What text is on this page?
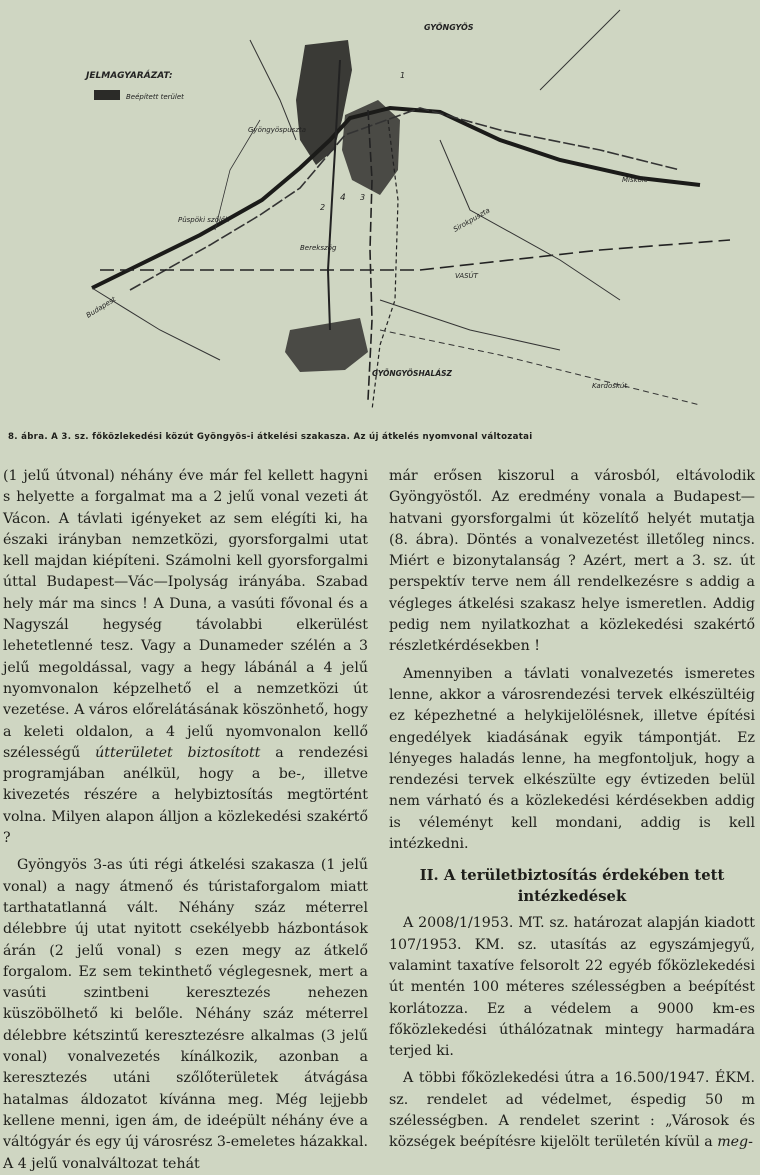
JELMAGYARÁZAT:
Beépített terület
GYÖNGYÖS
Gyöngyöspuszta
Püspöki szőlők
Berekszög
VASÚT
GYÖNGYÖSHALÁSZ
Budapest
Miskolc
Kardoskút
Sirokpuszta
1
2
3
4
8. ábra. A 3. sz. főközlekedési közút Gyöngyös-i átkelési szakasza. Az új átkelés nyomvonal változatai

(1 jelű útvonal) néhány éve már fel kellett hagyni s helyette a forgalmat ma a 2 jelű vonal vezeti át Vácon. A távlati igényeket az sem elégíti ki, ha északi irányban nemzetközi, gyorsforgalmi utat kell majdan kiépíteni. Számolni kell gyorsforgalmi úttal Budapest—Vác—Ipolyság irányába. Szabad hely már ma sincs ! A Duna, a vasúti fővonal és a Nagyszál hegység távolabbi elkerülést lehetetlenné tesz. Vagy a Dunameder szélén a 3 jelű megoldással, vagy a hegy lábánál a 4 jelű nyomvonalon képzelhető el a nemzetközi út vezetése. A város előrelátásának köszönhető, hogy a keleti oldalon, a 4 jelű nyomvonalon kellő szélességű útterületet biztosított a rendezési programjában anélkül, hogy a be-, illetve kivezetés részére a helybiztosítás megtörtént volna. Milyen alapon álljon a közlekedési szakértő ?

Gyöngyös 3-as úti régi átkelési szakasza (1 jelű vonal) a nagy átmenő és túristaforgalom miatt tarthatatlanná vált. Néhány száz méterrel délebbre új utat nyitott csekélyebb házbontások árán (2 jelű vonal) s ezen megy az átkelő forgalom. Ez sem tekinthető véglegesnek, mert a vasúti szintbeni keresztezés nehezen küszöbölhető ki belőle. Néhány száz méterrel délebbre kétszintű keresztezésre alkalmas (3 jelű vonal) vonalvezetés kínálkozik, azonban a keresztezés utáni szőlőterületek átvágása hatalmas áldozatot kívánna meg. Még lejjebb kellene menni, igen ám, de ideépült néhány éve a váltógyár és egy új városrész 3-emeletes házakkal. A 4 jelű vonalváltozat tehát

már erősen kiszorul a városból, eltávolodik Gyöngyöstől. Az eredmény vonala a Budapest—hatvani gyorsforgalmi út közelítő helyét mutatja (8. ábra). Döntés a vonalvezetést illetőleg nincs. Miért e bizonytalanság ? Azért, mert a 3. sz. út perspektív terve nem áll rendelkezésre s addig a végleges átkelési szakasz helye ismeretlen. Addig pedig nem nyilatkozhat a közlekedési szakértő részletkérdésekben !

Amennyiben a távlati vonalvezetés ismeretes lenne, akkor a városrendezési tervek elkészültéig ez képezhetné a helykijelölésnek, illetve építési engedélyek kiadásának egyik támpontját. Ez lényeges haladás lenne, ha megfontoljuk, hogy a rendezési tervek elkészülte egy évtizeden belül nem várható és a közlekedési kérdésekben addig is véleményt kell mondani, addig is kell intézkedni.

II. A területbiztosítás érdekében tett intézkedések

A 2008/1/1953. MT. sz. határozat alapján kiadott 107/1953. KM. sz. utasítás az egyszámjegyű, valamint taxatíve felsorolt 22 egyéb főközlekedési út mentén 100 méteres szélességben a beépítést korlátozza. Ez a védelem a 9000 km-es főközlekedési úthálózatnak mintegy harmadára terjed ki.

A többi főközlekedési útra a 16.500/1947. ÉKM. sz. rendelet ad védelmet, éspedig 50 m szélességben. A rendelet szerint : „Városok és községek beépítésre kijelölt területén kívül a meg-
